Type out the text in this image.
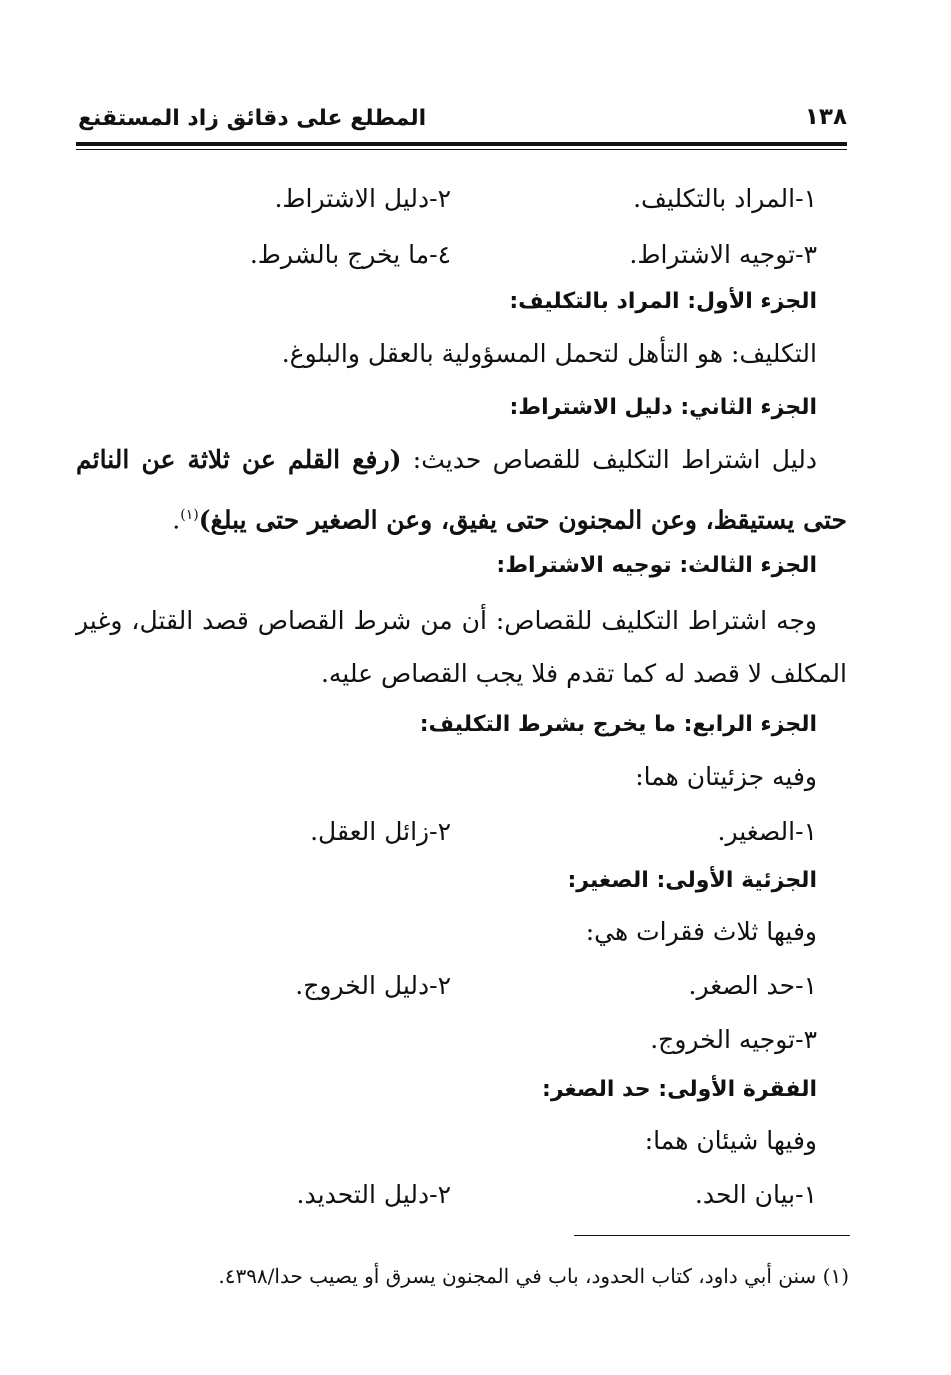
١٣٨
المطلع على دقائق زاد المستقنع
١-المراد بالتكليف.
٢-دليل الاشتراط.
٣-توجيه الاشتراط.
٤-ما يخرج بالشرط.
الجزء الأول: المراد بالتكليف:
التكليف: هو التأهل لتحمل المسؤولية بالعقل والبلوغ.
الجزء الثاني: دليل الاشتراط:
دليل اشتراط التكليف للقصاص حديث: (رفع القلم عن ثلاثة عن النائم
حتى يستيقظ، وعن المجنون حتى يفيق، وعن الصغير حتى يبلغ)$^{(١)}$.
الجزء الثالث: توجيه الاشتراط:
وجه اشتراط التكليف للقصاص: أن من شرط القصاص قصد القتل، وغير
المكلف لا قصد له كما تقدم فلا يجب القصاص عليه.
الجزء الرابع: ما يخرج بشرط التكليف:
وفيه جزئيتان هما:
١-الصغير.
٢-زائل العقل.
الجزئية الأولى: الصغير:
وفيها ثلاث فقرات هي:
١-حد الصغر.
٢-دليل الخروج.
٣-توجيه الخروج.
الفقرة الأولى: حد الصغر:
وفيها شيئان هما:
١-بيان الحد.
٢-دليل التحديد.
(١) سنن أبي داود، كتاب الحدود، باب في المجنون يسرق أو يصيب حدا/٤٣٩٨.
